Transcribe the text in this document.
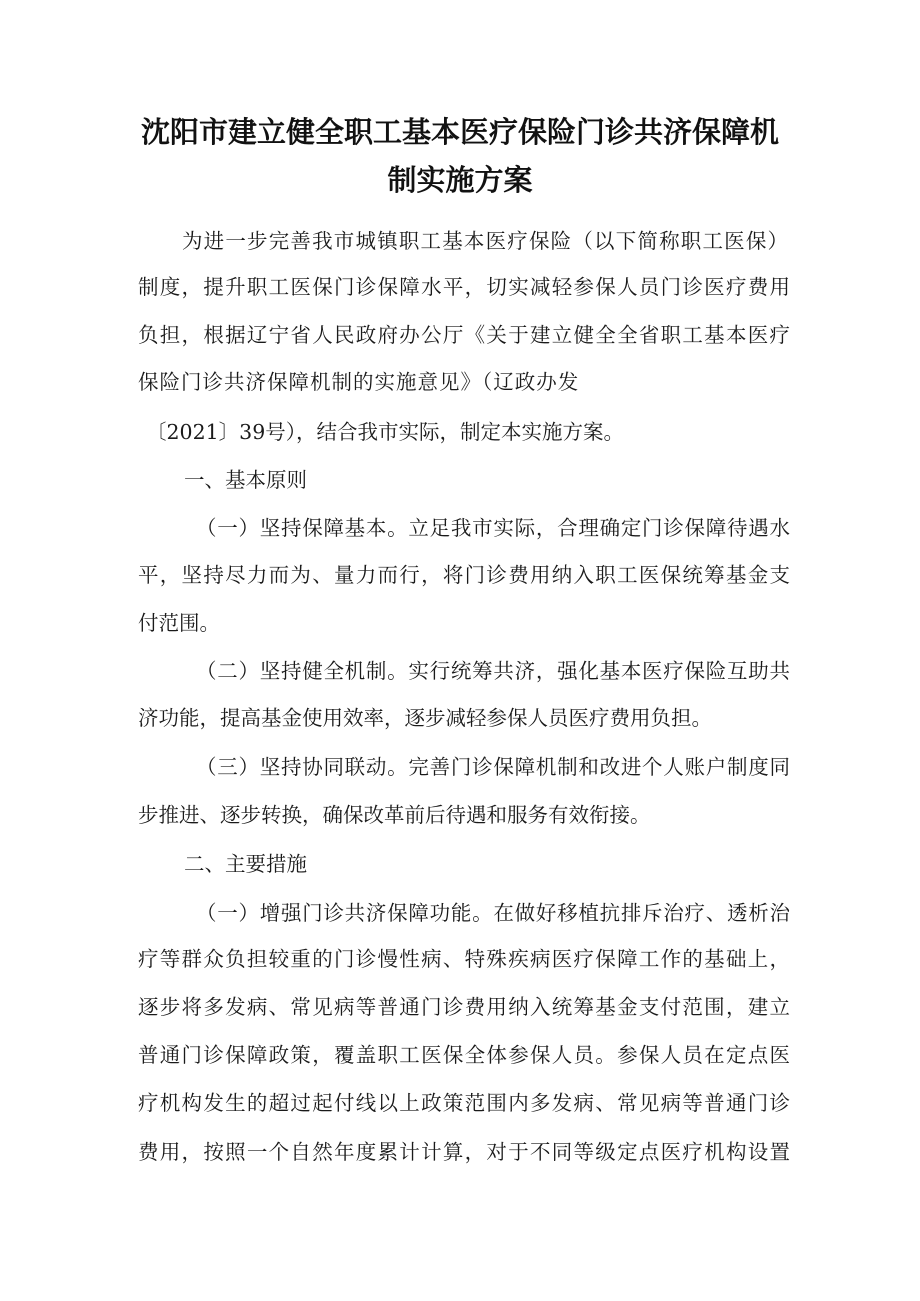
沈阳市建立健全职工基本医疗保险门诊共济保障机
制实施方案
为进一步完善我市城镇职工基本医疗保险（以下简称职工医保）
制度，提升职工医保门诊保障水平，切实减轻参保人员门诊医疗费用
负担，根据辽宁省人民政府办公厅《关于建立健全全省职工基本医疗
保险门诊共济保障机制的实施意见》（辽政办发
〔2021〕39号），结合我市实际，制定本实施方案。
一、基本原则
（一）坚持保障基本。立足我市实际，合理确定门诊保障待遇水
平，坚持尽力而为、量力而行，将门诊费用纳入职工医保统筹基金支
付范围。
（二）坚持健全机制。实行统筹共济，强化基本医疗保险互助共
济功能，提高基金使用效率，逐步减轻参保人员医疗费用负担。
（三）坚持协同联动。完善门诊保障机制和改进个人账户制度同
步推进、逐步转换，确保改革前后待遇和服务有效衔接。
二、主要措施
（一）增强门诊共济保障功能。在做好移植抗排斥治疗、透析治
疗等群众负担较重的门诊慢性病、特殊疾病医疗保障工作的基础上，
逐步将多发病、常见病等普通门诊费用纳入统筹基金支付范围，建立
普通门诊保障政策，覆盖职工医保全体参保人员。参保人员在定点医
疗机构发生的超过起付线以上政策范围内多发病、常见病等普通门诊
费用，按照一个自然年度累计计算，对于不同等级定点医疗机构设置
